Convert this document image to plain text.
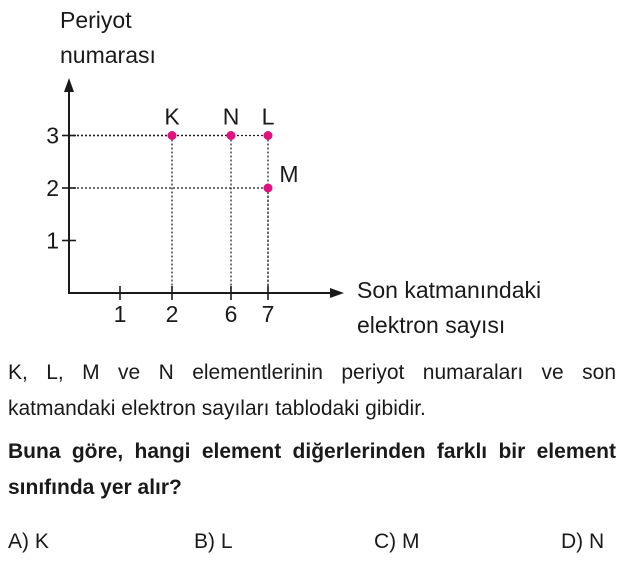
Periyot
numarası
Son katmanındaki
elektron sayısı
1 2 6 7
1
2
3
K N L
M
K, L, M ve N elementlerinin periyot numaraları ve son katmandaki elektron sayıları tablodaki gibidir.
Buna göre, hangi element diğerlerinden farklı bir element sınıfında yer alır?
A) K	B) L	C) M	D) N
